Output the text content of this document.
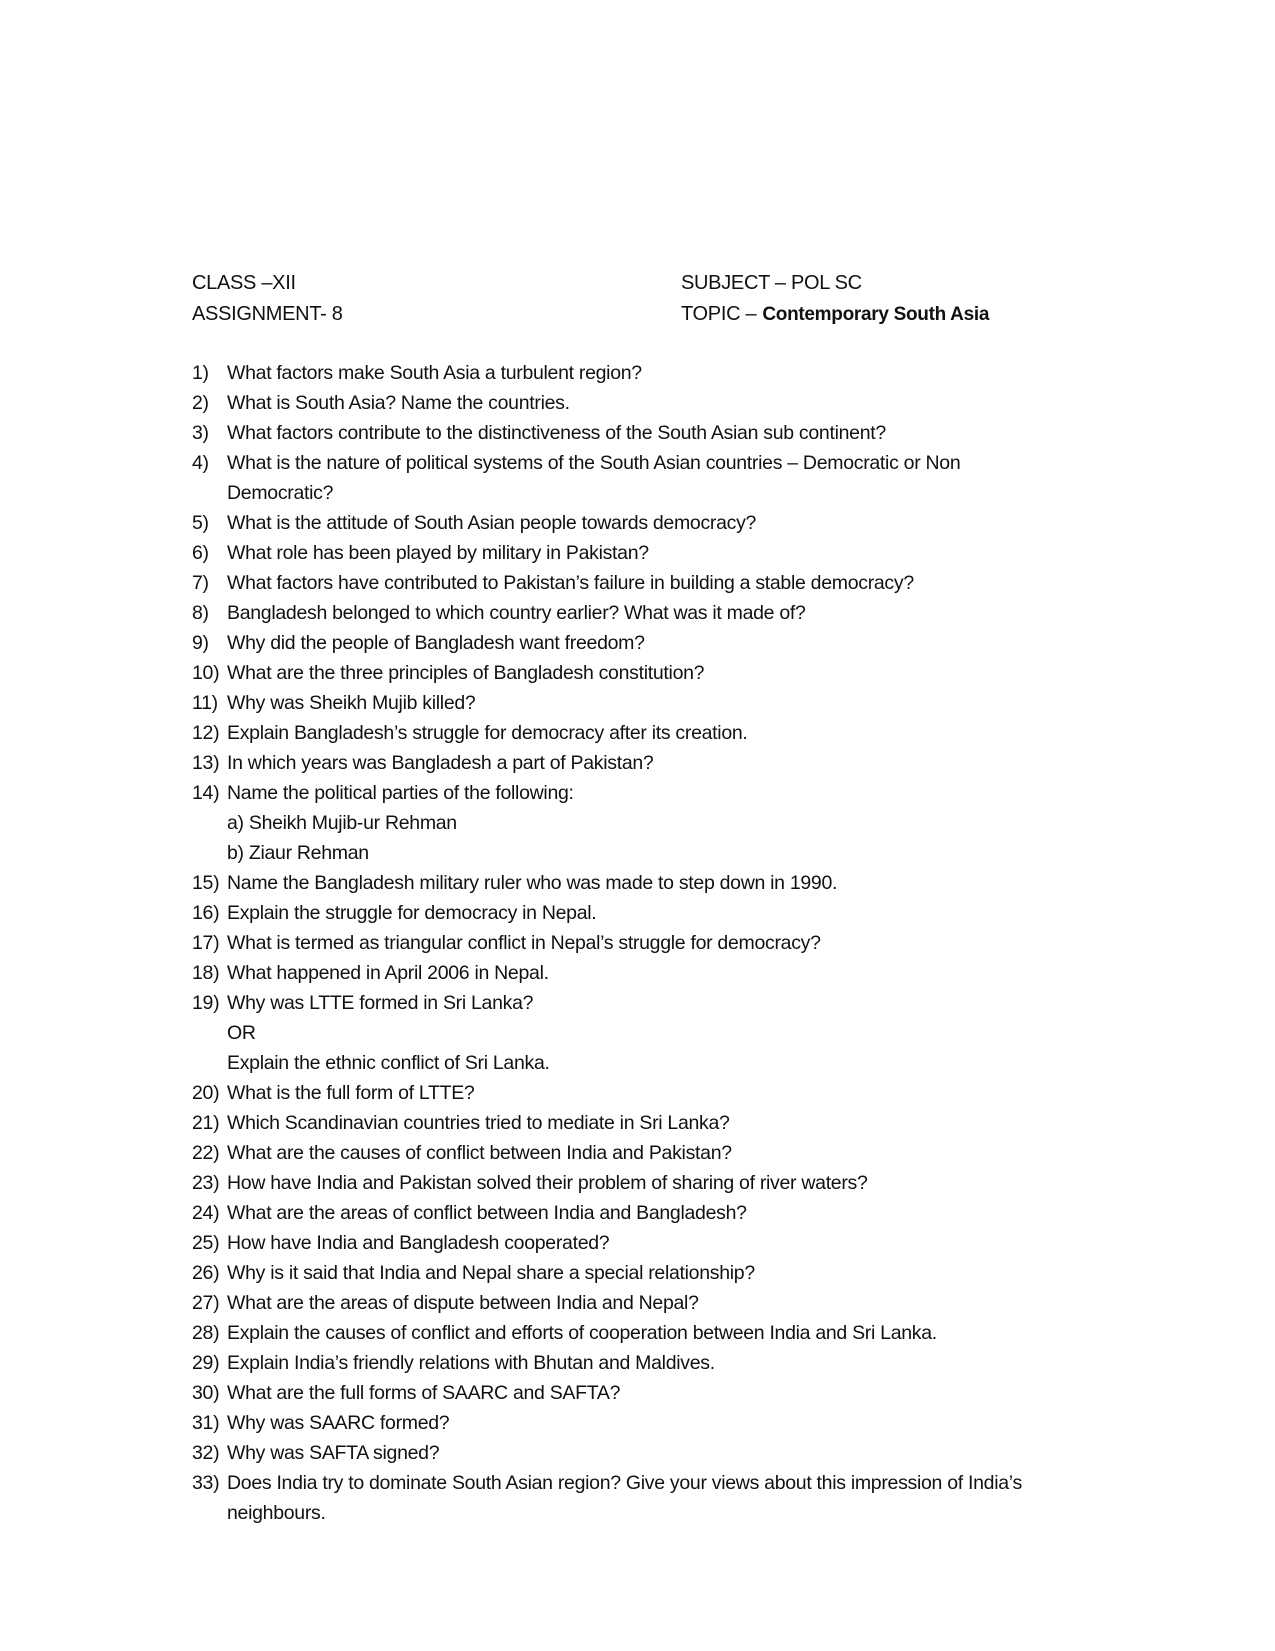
CLASS –XII
ASSIGNMENT- 8
SUBJECT – POL SC
TOPIC – Contemporary South Asia
1) What factors make South Asia a turbulent region?
2) What is South Asia? Name the countries.
3) What factors contribute to the distinctiveness of the South Asian sub continent?
4) What is the nature of political systems of the South Asian countries – Democratic or Non
Democratic?
5) What is the attitude of South Asian people towards democracy?
6) What role has been played by military in Pakistan?
7) What factors have contributed to Pakistan’s failure in building a stable democracy?
8) Bangladesh belonged to which country earlier? What was it made of?
9) Why did the people of Bangladesh want freedom?
10) What are the three principles of Bangladesh constitution?
11) Why was Sheikh Mujib killed?
12) Explain Bangladesh’s struggle for democracy after its creation.
13) In which years was Bangladesh a part of Pakistan?
14) Name the political parties of the following:
a) Sheikh Mujib-ur Rehman
b) Ziaur Rehman
15) Name the Bangladesh military ruler who was made to step down in 1990.
16) Explain the struggle for democracy in Nepal.
17) What is termed as triangular conflict in Nepal’s struggle for democracy?
18) What happened in April 2006 in Nepal.
19) Why was LTTE formed in Sri Lanka?
OR
Explain the ethnic conflict of Sri Lanka.
20) What is the full form of LTTE?
21) Which Scandinavian countries tried to mediate in Sri Lanka?
22) What are the causes of conflict between India and Pakistan?
23) How have India and Pakistan solved their problem of sharing of river waters?
24) What are the areas of conflict between India and Bangladesh?
25) How have India and Bangladesh cooperated?
26) Why is it said that India and Nepal share a special relationship?
27) What are the areas of dispute between India and Nepal?
28) Explain the causes of conflict and efforts of cooperation between India and Sri Lanka.
29) Explain India’s friendly relations with Bhutan and Maldives.
30) What are the full forms of SAARC and SAFTA?
31) Why was SAARC formed?
32) Why was SAFTA signed?
33) Does India try to dominate South Asian region? Give your views about this impression of India’s
neighbours.
